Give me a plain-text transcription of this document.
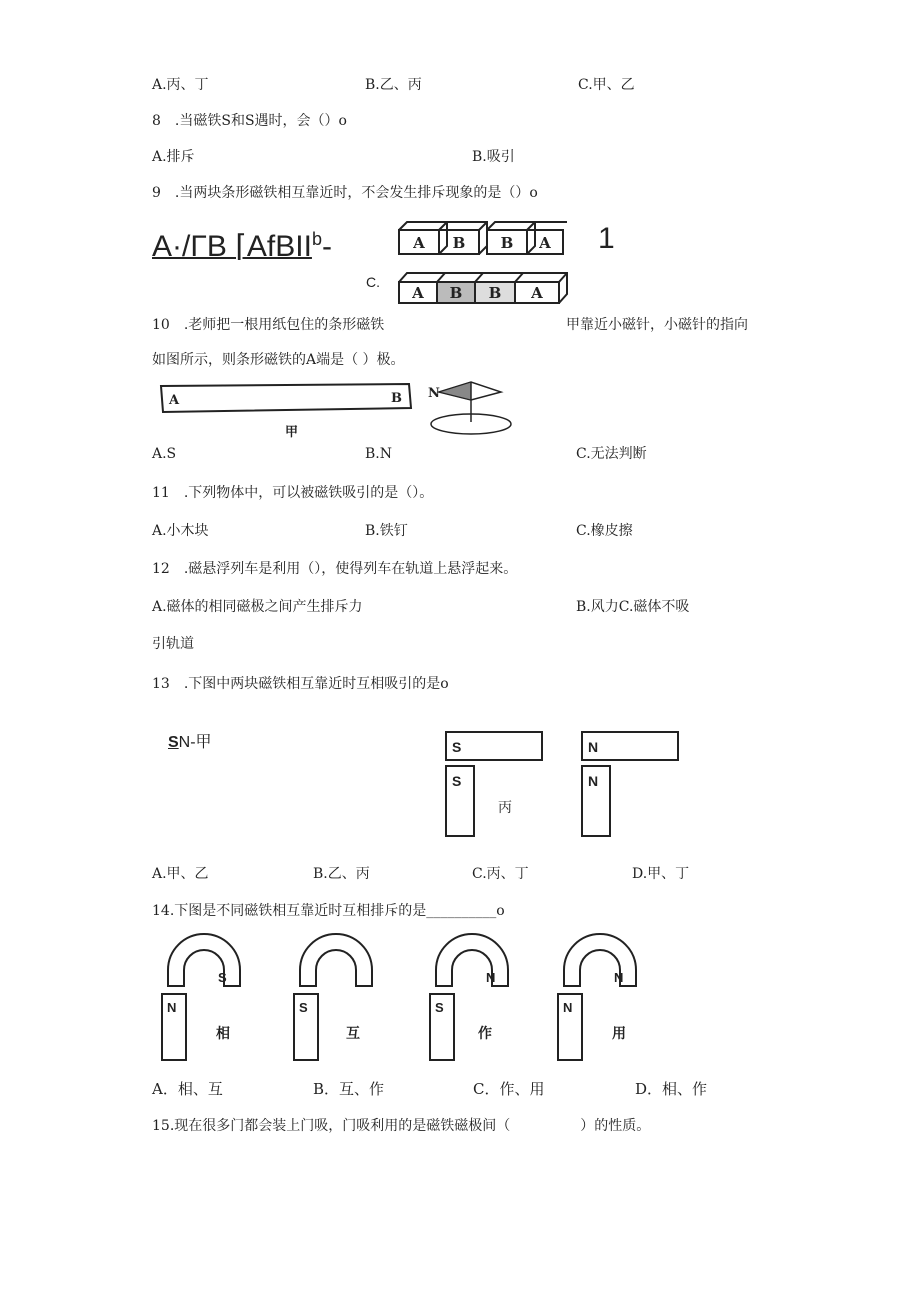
A.丙、丁	B.乙、丙	C.甲、乙
8　.当磁铁S和S遇时，会（）o
A.排斥	B.吸引
9　.当两块条形磁铁相互靠近时，不会发生排斥现象的是（）o
A·/ΓB ⌈AfBII$^b$-	A B B A 1
C.
A B B A
10　.老师把一根用纸包住的条形磁铁	甲靠近小磁针，小磁针的指向
如图所示，则条形磁铁的A端是（ ）极。
A	B
甲
N
A.S	B.N	C.无法判断
11　.下列物体中，可以被磁铁吸引的是（）。
A.小木块	B.铁钉	C.橡皮擦
12　.磁悬浮列车是利用（），使得列车在轨道上悬浮起来。
A.磁体的相同磁极之间产生排斥力	B.风力C.磁体不吸
引轨道
13　.下图中两块磁铁相互靠近时互相吸引的是o
SN-甲	S
S
丙
N
N
A.甲、乙	B.乙、丙	C.丙、丁	D.甲、丁
14.下图是不同磁铁相互靠近时互相排斥的是__________o
S
N
相
S
互
N
S
作
N
N
用
A．相、互	B．互、作	C．作、用	D．相、作
15.现在很多门都会装上门吸，门吸利用的是磁铁磁极间（　　　　　）的性质。
